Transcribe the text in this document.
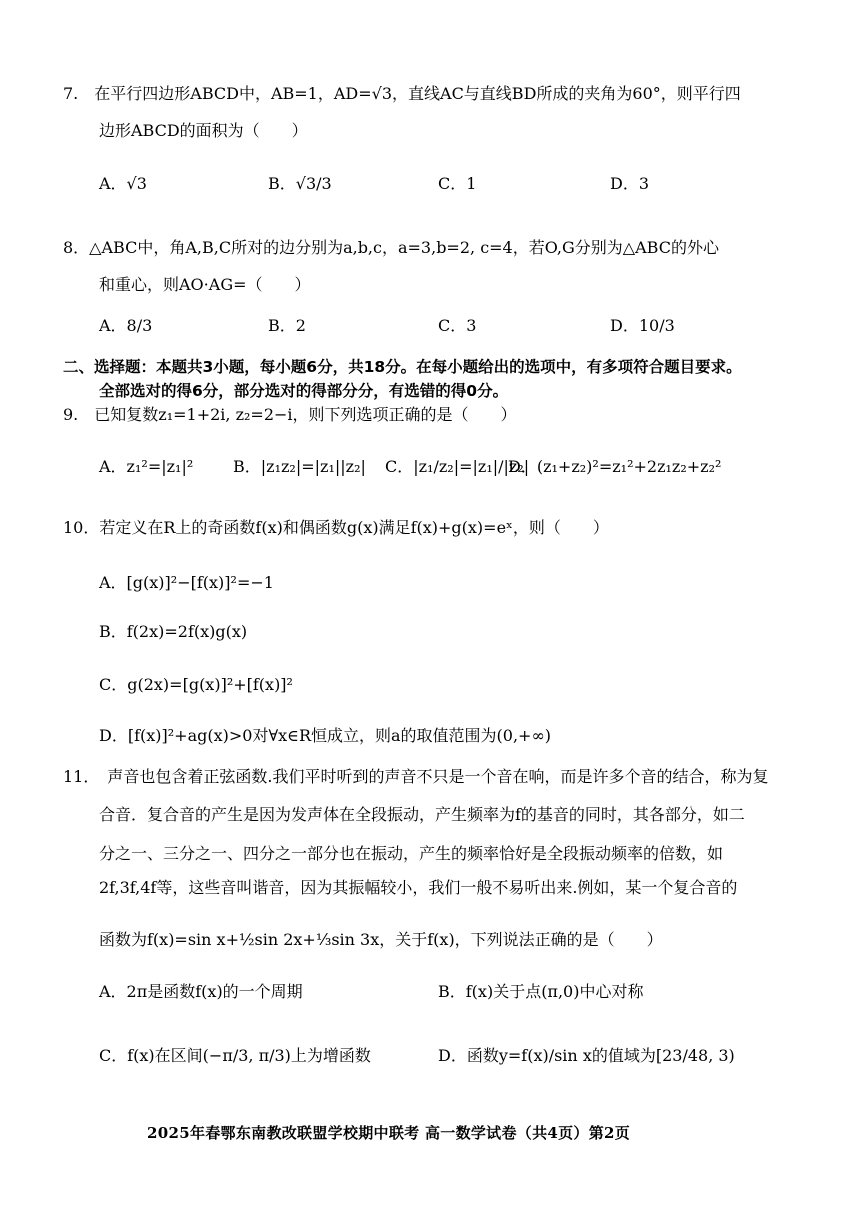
7.　在平行四边形ABCD中，AB=1，AD=√3，直线AC与直线BD所成的夹角为60°，则平行四
边形ABCD的面积为（　　）
A．√3	B．√3/3	C．1	D．3
8．△ABC中，角A,B,C所对的边分别为a,b,c，a=3,b=2, c=4，若O,G分别为△ABC的外心
和重心，则AO·AG=（　　）
A．8/3	B．2	C．3	D．10/3
二、选择题：本题共3小题，每小题6分，共18分。在每小题给出的选项中，有多项符合题目要求。
全部选对的得6分，部分选对的得部分分，有选错的得0分。
9.　已知复数z₁=1+2i, z₂=2−i，则下列选项正确的是（　　）
A．z₁²=|z₁|² B．|z₁z₂|=|z₁||z₂| C．|z₁/z₂|=|z₁|/|z₂|
D．(z₁+z₂)²=z₁²+2z₁z₂+z₂²
10．若定义在R上的奇函数f(x)和偶函数g(x)满足f(x)+g(x)=eˣ，则（　　）
A．[g(x)]²−[f(x)]²=−1
B．f(2x)=2f(x)g(x)
C．g(2x)=[g(x)]²+[f(x)]²
D．[f(x)]²+ag(x)>0对∀x∈R恒成立，则a的取值范围为(0,+∞)
11．　声音也包含着正弦函数.我们平时听到的声音不只是一个音在响，而是许多个音的结合，称为复
合音．复合音的产生是因为发声体在全段振动，产生频率为f的基音的同时，其各部分，如二
分之一、三分之一、四分之一部分也在振动，产生的频率恰好是全段振动频率的倍数，如
2f,3f,4f等，这些音叫谐音，因为其振幅较小，我们一般不易听出来.例如，某一个复合音的
函数为f(x)=sin x+½sin 2x+⅓sin 3x，关于f(x)，下列说法正确的是（　　）
A．2π是函数f(x)的一个周期	B．f(x)关于点(π,0)中心对称
C．f(x)在区间(−π/3, π/3)上为增函数	D．函数y=f(x)/sin x的值域为[23/48, 3)
2025年春鄂东南教改联盟学校期中联考 高一数学试卷（共4页）第2页
